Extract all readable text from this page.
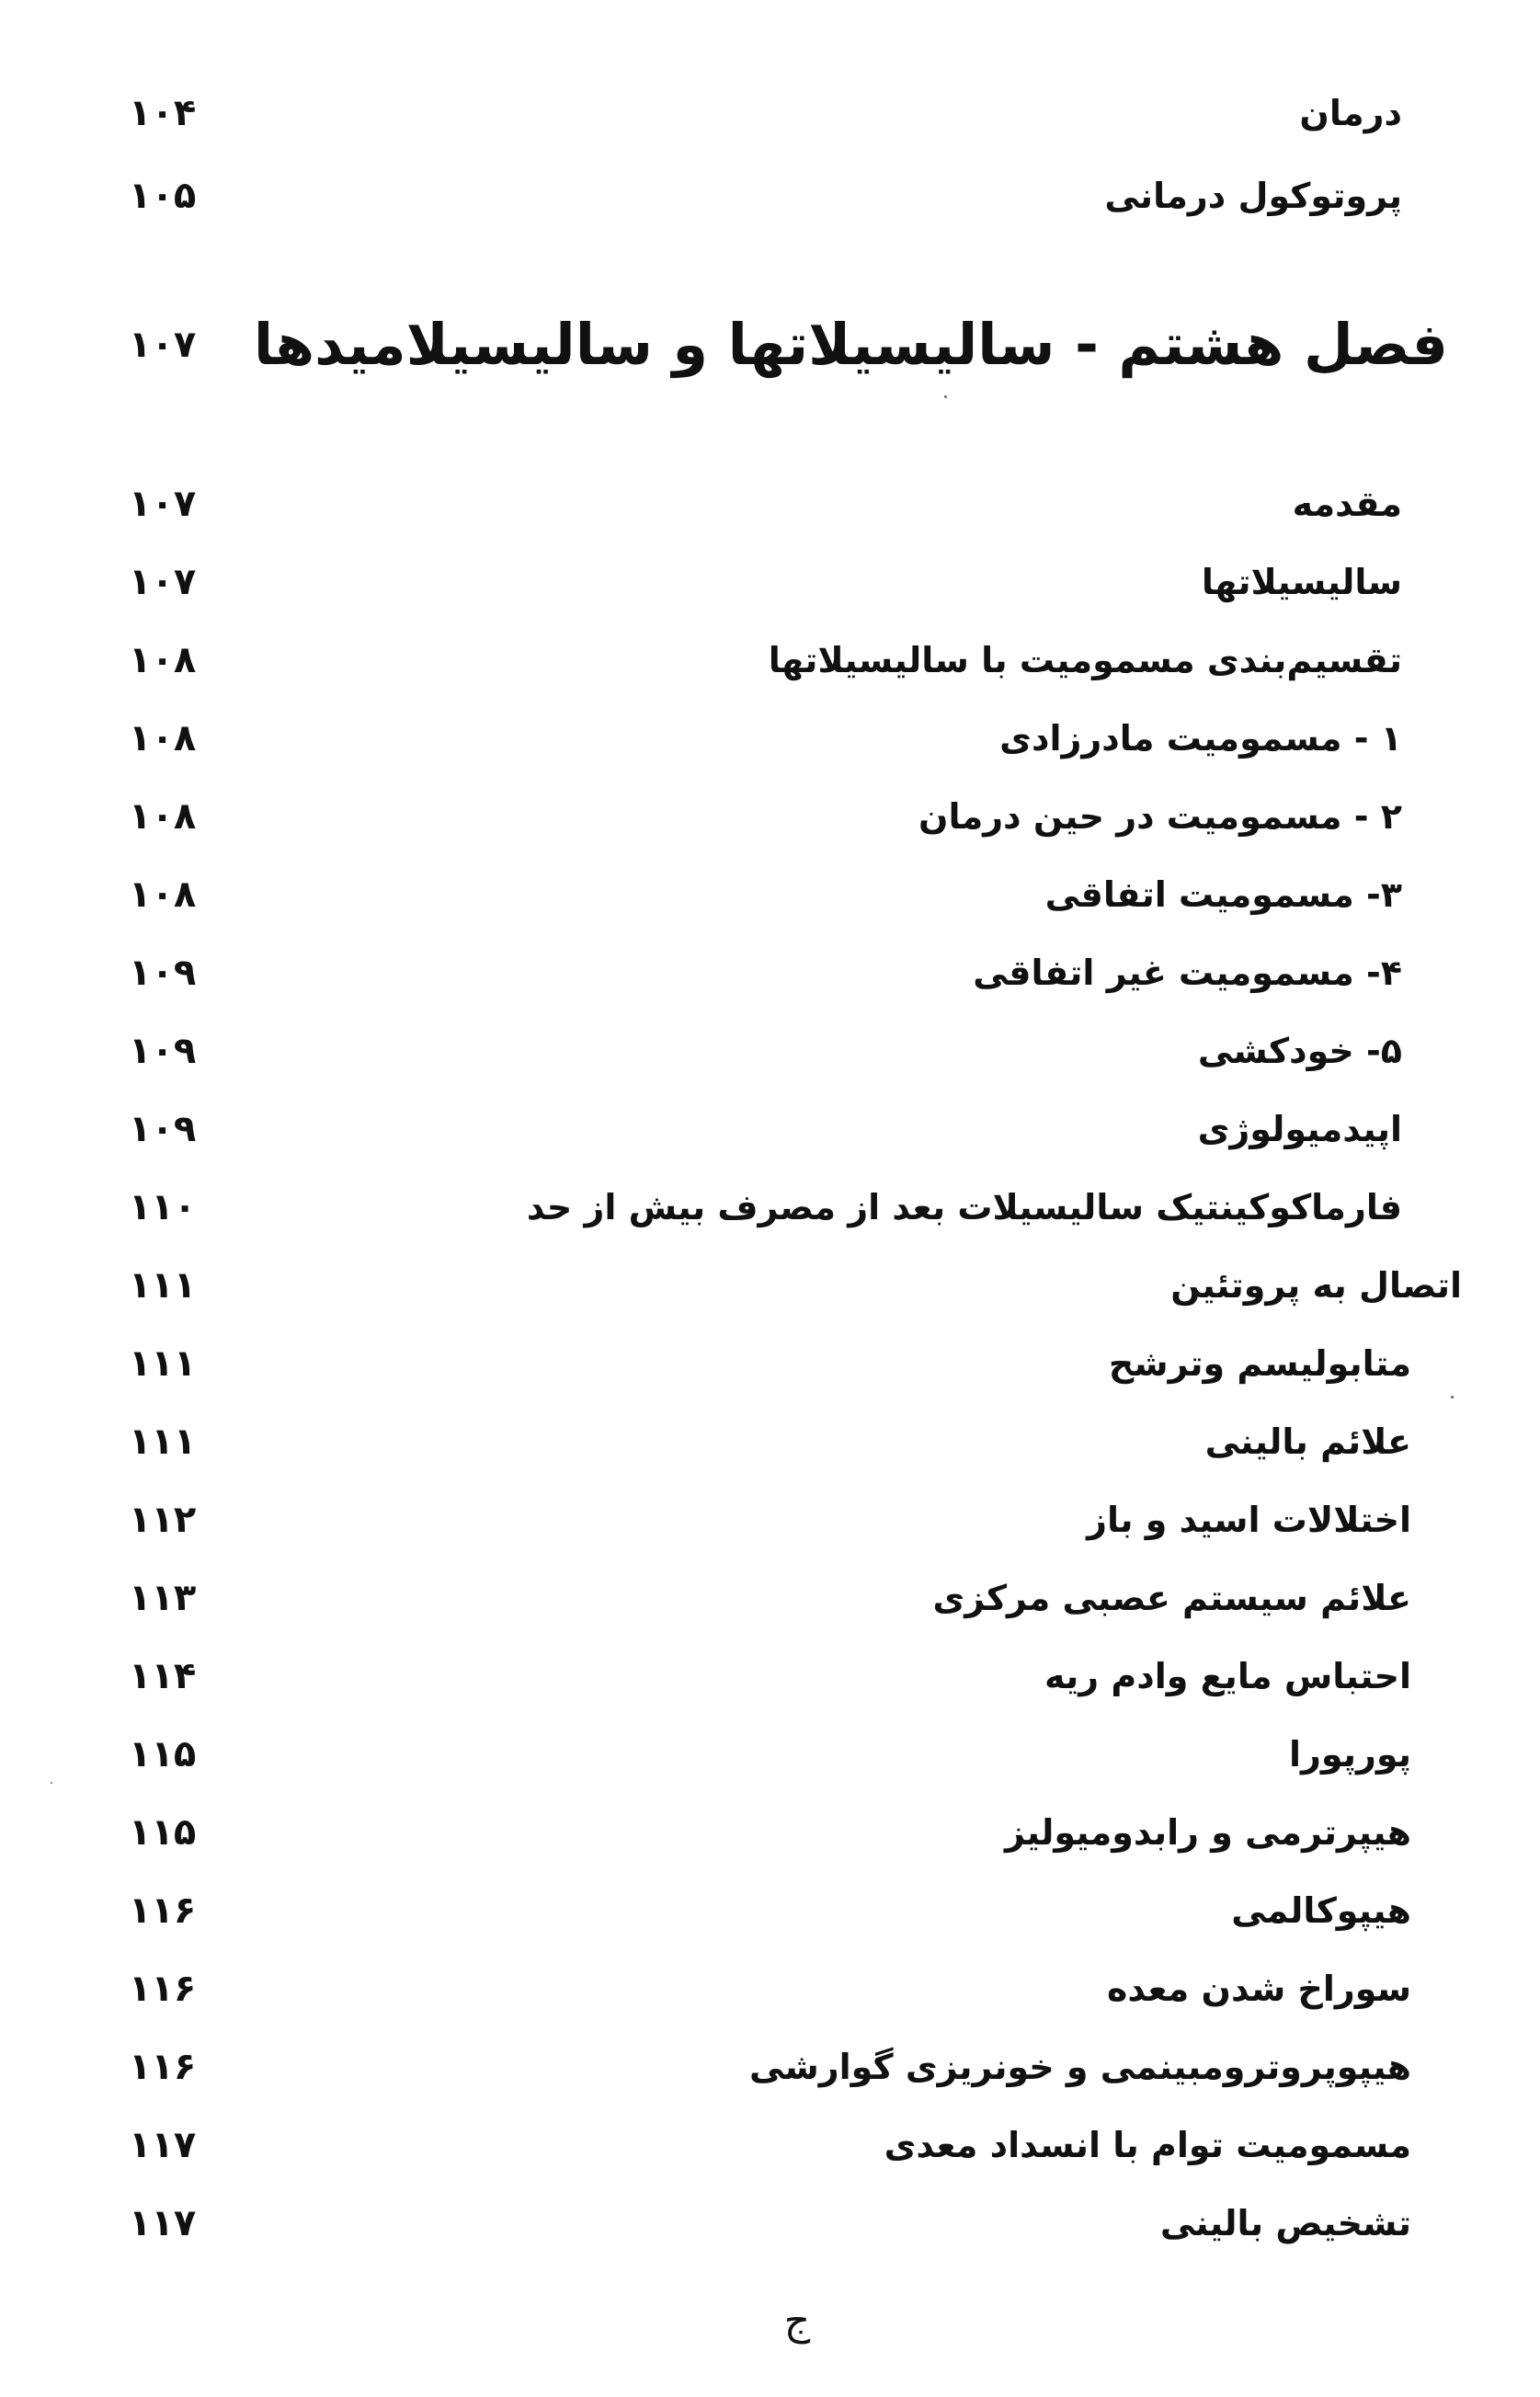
درمان
۱۰۴
پروتوکول درمانی
۱۰۵
فصل هشتم - سالیسیلاتها و سالیسیلامیدها
۱۰۷
مقدمه
۱۰۷
سالیسیلاتها
۱۰۷
تقسیم‌بندی مسمومیت با سالیسیلاتها
۱۰۸
۱ - مسمومیت مادرزادی
۱۰۸
۲ - مسمومیت در حین درمان
۱۰۸
۳- مسمومیت اتفاقی
۱۰۸
۴- مسمومیت غیر اتفاقی
۱۰۹
۵- خودکشی
۱۰۹
اپیدمیولوژی
۱۰۹
فارماکوکینتیک سالیسیلات بعد از مصرف بیش از حد
۱۱۰
اتصال به پروتئین
۱۱۱
متابولیسم وترشح
۱۱۱
علائم بالینی
۱۱۱
اختلالات اسید و باز
۱۱۲
علائم سیستم عصبی مرکزی
۱۱۳
احتباس مایع وادم ریه
۱۱۴
پورپورا
۱۱۵
هیپرترمی و رابدومیولیز
۱۱۵
هیپوکالمی
۱۱۶
سوراخ شدن معده
۱۱۶
هیپوپروترومبینمی و خونریزی گوارشی
۱۱۶
مسمومیت توام با انسداد معدی
۱۱۷
تشخیص بالینی
۱۱۷
ج
